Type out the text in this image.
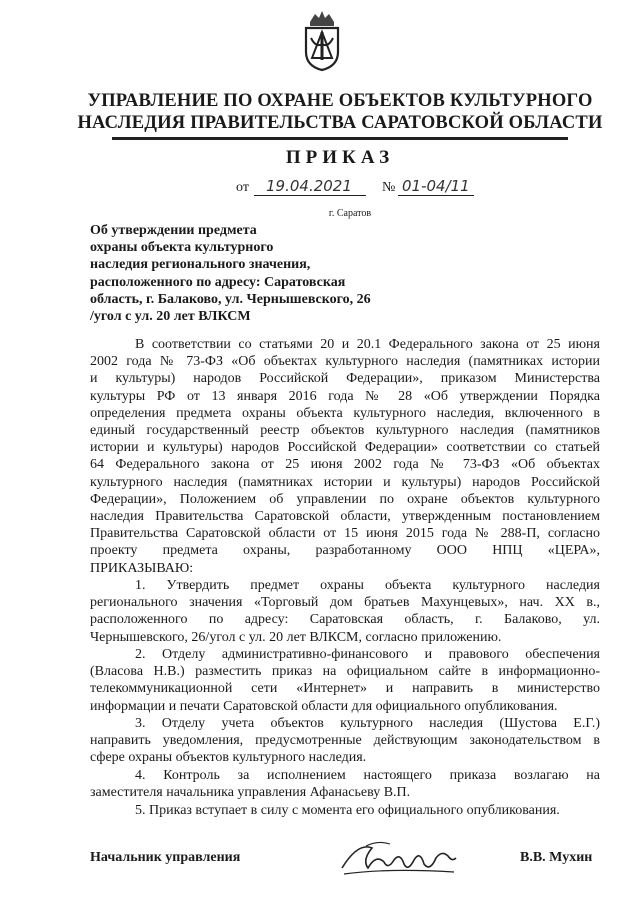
УПРАВЛЕНИЕ ПО ОХРАНЕ ОБЪЕКТОВ КУЛЬТУРНОГО
НАСЛЕДИЯ ПРАВИТЕЛЬСТВА САРАТОВСКОЙ ОБЛАСТИ
ПРИКАЗ
от 19.04.2021 № 01-04/11
г. Саратов
Об утверждении предмета
охраны объекта культурного
наследия регионального значения,
расположенного по адресу: Саратовская
область, г. Балаково, ул. Чернышевского, 26
/угол с ул. 20 лет ВЛКСМ
В соответствии со статьями 20 и 20.1 Федерального закона от 25 июня
2002 года № 73-ФЗ «Об объектах культурного наследия (памятниках истории
и культуры) народов Российской Федерации», приказом Министерства
культуры РФ от 13 января 2016 года № 28 «Об утверждении Порядка
определения предмета охраны объекта культурного наследия, включенного в
единый государственный реестр объектов культурного наследия (памятников
истории и культуры) народов Российской Федерации» соответствии со статьей
64 Федерального закона от 25 июня 2002 года № 73-ФЗ «Об объектах
культурного наследия (памятниках истории и культуры) народов Российской
Федерации», Положением об управлении по охране объектов культурного
наследия Правительства Саратовской области, утвержденным постановлением
Правительства Саратовской области от 15 июня 2015 года № 288-П, согласно
проекту предмета охраны, разработанному ООО НПЦ «ЦЕРА»,
ПРИКАЗЫВАЮ:
1. Утвердить предмет охраны объекта культурного наследия
регионального значения «Торговый дом братьев Махунцевых», нач. XX в.,
расположенного по адресу: Саратовская область, г. Балаково, ул.
Чернышевского, 26/угол с ул. 20 лет ВЛКСМ, согласно приложению.
2. Отделу административно-финансового и правового обеспечения
(Власова Н.В.) разместить приказ на официальном сайте в информационно-
телекоммуникационной сети «Интернет» и направить в министерство
информации и печати Саратовской области для официального опубликования.
3. Отделу учета объектов культурного наследия (Шустова Е.Г.)
направить уведомления, предусмотренные действующим законодательством в
сфере охраны объектов культурного наследия.
4. Контроль за исполнением настоящего приказа возлагаю на
заместителя начальника управления Афанасьеву В.П.
5. Приказ вступает в силу с момента его официального опубликования.
Начальник управления	В.В. Мухин
